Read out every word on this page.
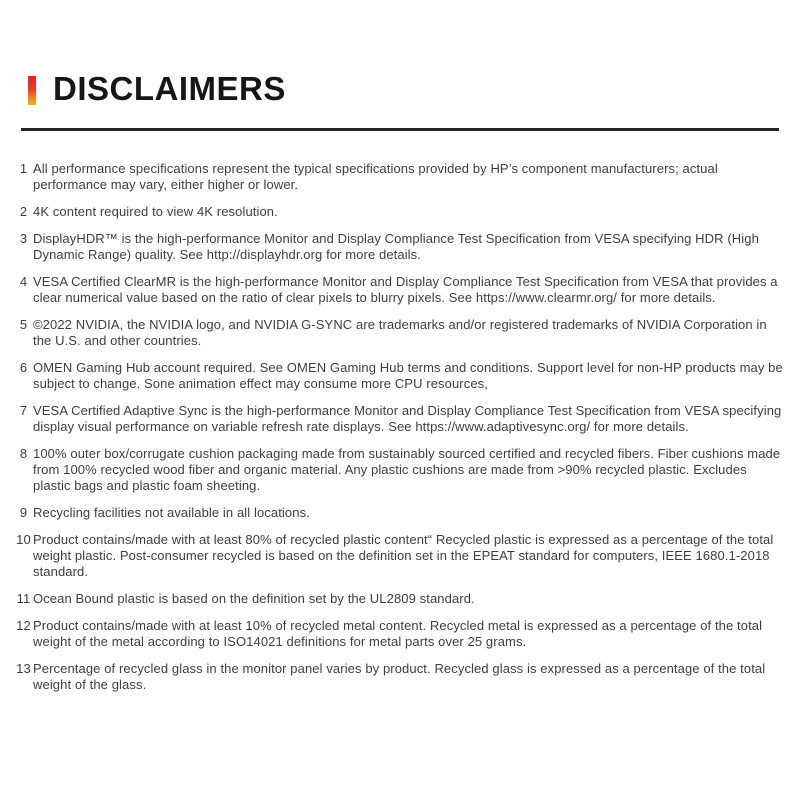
DISCLAIMERS
1 All performance specifications represent the typical specifications provided by HP’s component manufacturers; actual performance may vary, either higher or lower.
2 4K content required to view 4K resolution.
3 DisplayHDR™ is the high-performance Monitor and Display Compliance Test Specification from VESA specifying HDR (High Dynamic Range) quality. See http://displayhdr.org for more details.
4 VESA Certified ClearMR is the high-performance Monitor and Display Compliance Test Specification from VESA that provides a clear numerical value based on the ratio of clear pixels to blurry pixels. See https://www.clearmr.org/ for more details.
5 ©2022 NVIDIA, the NVIDIA logo, and NVIDIA G-SYNC are trademarks and/or registered trademarks of NVIDIA Corporation in the U.S. and other countries.
6 OMEN Gaming Hub account required. See OMEN Gaming Hub terms and conditions. Support level for non-HP products may be subject to change. Sone animation effect may consume more CPU resources,
7 VESA Certified Adaptive Sync is the high-performance Monitor and Display Compliance Test Specification from VESA specifying display visual performance on variable refresh rate displays. See https://www.adaptivesync.org/ for more details.
8 100% outer box/corrugate cushion packaging made from sustainably sourced certified and recycled fibers. Fiber cushions made from 100% recycled wood fiber and organic material. Any plastic cushions are made from >90% recycled plastic. Excludes plastic bags and plastic foam sheeting.
9 Recycling facilities not available in all locations.
10 Product contains/made with at least 80% of recycled plastic content“ Recycled plastic is expressed as a percentage of the total weight plastic. Post-consumer recycled is based on the definition set in the EPEAT standard for computers, IEEE 1680.1-2018 standard.
11 Ocean Bound plastic is based on the definition set by the UL2809 standard.
12 Product contains/made with at least 10% of recycled metal content. Recycled metal is expressed as a percentage of the total weight of the metal according to ISO14021 definitions for metal parts over 25 grams.
13 Percentage of recycled glass in the monitor panel varies by product. Recycled glass is expressed as a percentage of the total weight of the glass.
